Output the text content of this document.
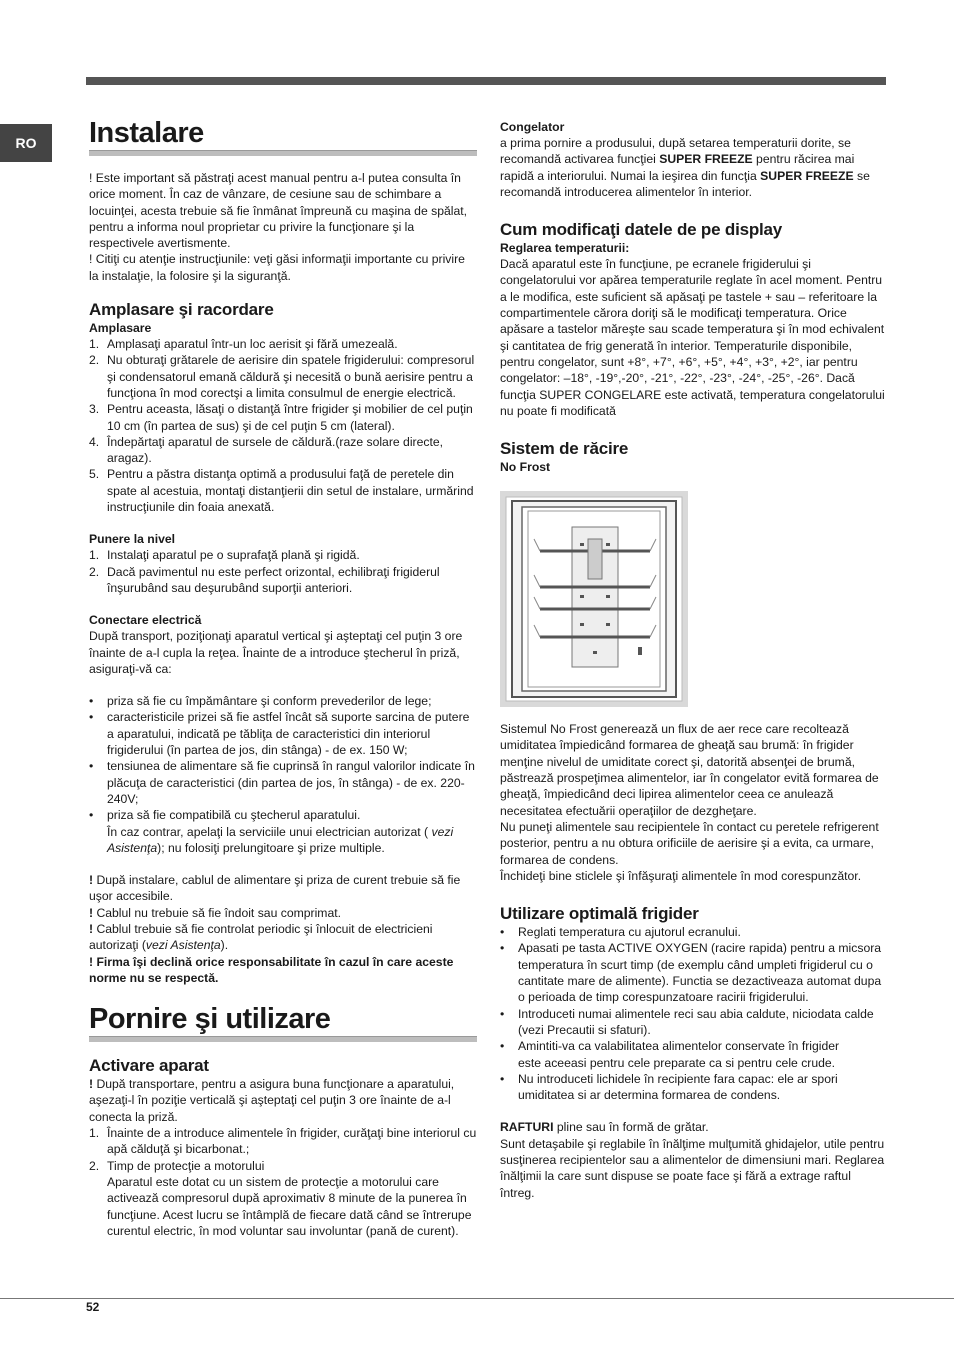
RO	Instalare

! Este important să păstraţi acest manual pentru a-l putea consulta în orice moment. În caz de vânzare, de cesiune sau de schimbare a locuinţei, acesta trebuie să fie înmânat împreună cu maşina de spălat, pentru a informa noul proprietar cu privire la funcţionare şi la respectivele avertismente.

! Citiţi cu atenţie instrucţiunile: veţi găsi informaţii importante cu privire la instalaţie, la folosire şi la siguranţă.

Amplasare şi racordare
Amplasare
1. Amplasaţi aparatul într-un loc aerisit şi fără umezeală.
2. Nu obturaţi grătarele de aerisire din spatele frigiderului: compresorul şi condensatorul emană căldură şi necesită o bună aerisire pentru a funcţiona în mod corectşi a limita consulmul de energie electrică.
3. Pentru aceasta, lăsaţi o distanţă între frigider şi mobilier de cel puţin 10 cm (în partea de sus) şi de cel puţin 5 cm (lateral).
4. Îndepărtaţi aparatul de sursele de căldură.(raze solare directe, aragaz).
5. Pentru a păstra distanţa optimă a produsului faţă de peretele din spate al acestuia, montaţi distanţierii din setul de instalare, urmărind instrucţiunile din foaia anexată.
Punere la nivel
1. Instalaţi aparatul pe o suprafaţă plană şi rigidă.
2. Dacă pavimentul nu este perfect orizontal, echilibraţi frigiderul înşurubând sau deşurubând suporţii anteriori.
Conectare electrică

După transport, poziţionaţi aparatul vertical şi aşteptaţi cel puţin 3 ore înainte de a-l cupla la reţea. Înainte de a introduce ştecherul în priză, asiguraţi-vă ca:

• priza să fie cu împământare şi conform prevederilor de lege;
• caracteristicile prizei să fie astfel încât să suporte sarcina de putere a aparatului, indicată pe tăbliţa de caracteristici din interiorul frigiderului (în partea de jos, din stânga) - de ex. 150 W;
• tensiunea de alimentare să fie cuprinsă în rangul valorilor indicate în plăcuţa de caracteristici (din partea de jos, în stânga) - de ex. 220-240V;
• priza să fie compatibilă cu ştecherul aparatului.
În caz contrar, apelaţi la serviciile unui electrician autorizat ( vezi Asistenţa); nu folosiţi prelungitoare şi prize multiple.

! După instalare, cablul de alimentare şi priza de curent trebuie să fie uşor accesibile.

! Cablul nu trebuie să fie îndoit sau comprimat.

! Cablul trebuie să fie controlat periodic şi înlocuit de electricieni autorizaţi (vezi Asistenţa).

! Firma îşi declină orice responsabilitate în cazul în care aceste norme nu se respectă.

Pornire şi utilizare
Activare aparat

! După transportare, pentru a asigura buna funcţionare a aparatului, aşezaţi-l în poziţie verticală şi aşteptaţi cel puţin 3 ore înainte de a-l conecta la priză.

1. Înainte de a introduce alimentele în frigider, curăţaţi bine interiorul cu apă călduţă şi bicarbonat.;
2. Timp de protecţie a motorului
Aparatul este dotat cu un sistem de protecţie a motorului care activează compresorul după aproximativ 8 minute de la punerea în funcţiune. Acest lucru se întâmplă de fiecare dată când se întrerupe curentul electric, în mod voluntar sau involuntar (pană de curent).
Congelator

a prima pornire a produsului, după setarea temperaturii dorite, se recomandă activarea funcţiei SUPER FREEZE pentru răcirea mai rapidă a interiorului. Numai la ieşirea din funcţia SUPER FREEZE se recomandă introducerea alimentelor în interior.

Cum modificaţi datele de pe display
Reglarea temperaturii:

Dacă aparatul este în funcţiune, pe ecranele frigiderului şi congelatorului vor apărea temperaturile reglate în acel moment. Pentru a le modifica, este suficient să apăsaţi pe tastele + sau – referitoare la compartimentele cărora doriţi să le modificaţi temperatura. Orice apăsare a tastelor măreşte sau scade temperatura şi în mod echivalent şi cantitatea de frig generată în interior. Temperaturile disponibile, pentru congelator, sunt +8°, +7°, +6°, +5°, +4°, +3°, +2°, iar pentru congelator: –18°, -19°,-20°, -21°, -22°, -23°, -24°, -25°, -26°. Dacă funcţia SUPER CONGELARE este activată, temperatura congelatorului nu poate fi modificată

Sistem de răcire
No Frost

Sistemul No Frost generează un flux de aer rece care recoltează umiditatea împiedicând formarea de gheaţă sau brumă: în frigider menţine nivelul de umiditate corect şi, datorită absenţei de brumă, păstrează prospeţimea alimentelor, iar în congelator evită formarea de gheaţă, împiedicând deci lipirea alimentelor ceea ce anulează necesitatea efectuării operaţiilor de dezgheţare.

Nu puneţi alimentele sau recipientele în contact cu peretele refrigerent posterior, pentru a nu obtura orificiile de aerisire şi a evita, ca urmare, formarea de condens.

Închideţi bine sticlele şi înfăşuraţi alimentele în mod corespunzător.

Utilizare optimală frigider
• Reglati temperatura cu ajutorul ecranului.
• Apasati pe tasta ACTIVE OXYGEN (racire rapida) pentru a micsora temperatura în scurt timp (de exemplu când umpleti frigiderul cu o cantitate mare de alimente). Functia se dezactiveaza automat dupa o perioada de timp corespunzatoare racirii frigiderului.
• Introduceti numai alimentele reci sau abia caldute, niciodata calde (vezi Precautii si sfaturi).
• Amintiti-va ca valabilitatea alimentelor conservate în frigider
este aceeasi pentru cele preparate ca si pentru cele crude.
• Nu introduceti lichidele în recipiente fara capac: ele ar spori umiditatea si ar determina formarea de condens.

RAFTURI pline sau în formă de grătar.

Sunt detaşabile şi reglabile în înălţime mulţumită ghidajelor, utile pentru susţinerea recipientelor sau a alimentelor de dimensiuni mari. Reglarea înălţimii la care sunt dispuse se poate face şi fără a extrage raftul întreg.

52
